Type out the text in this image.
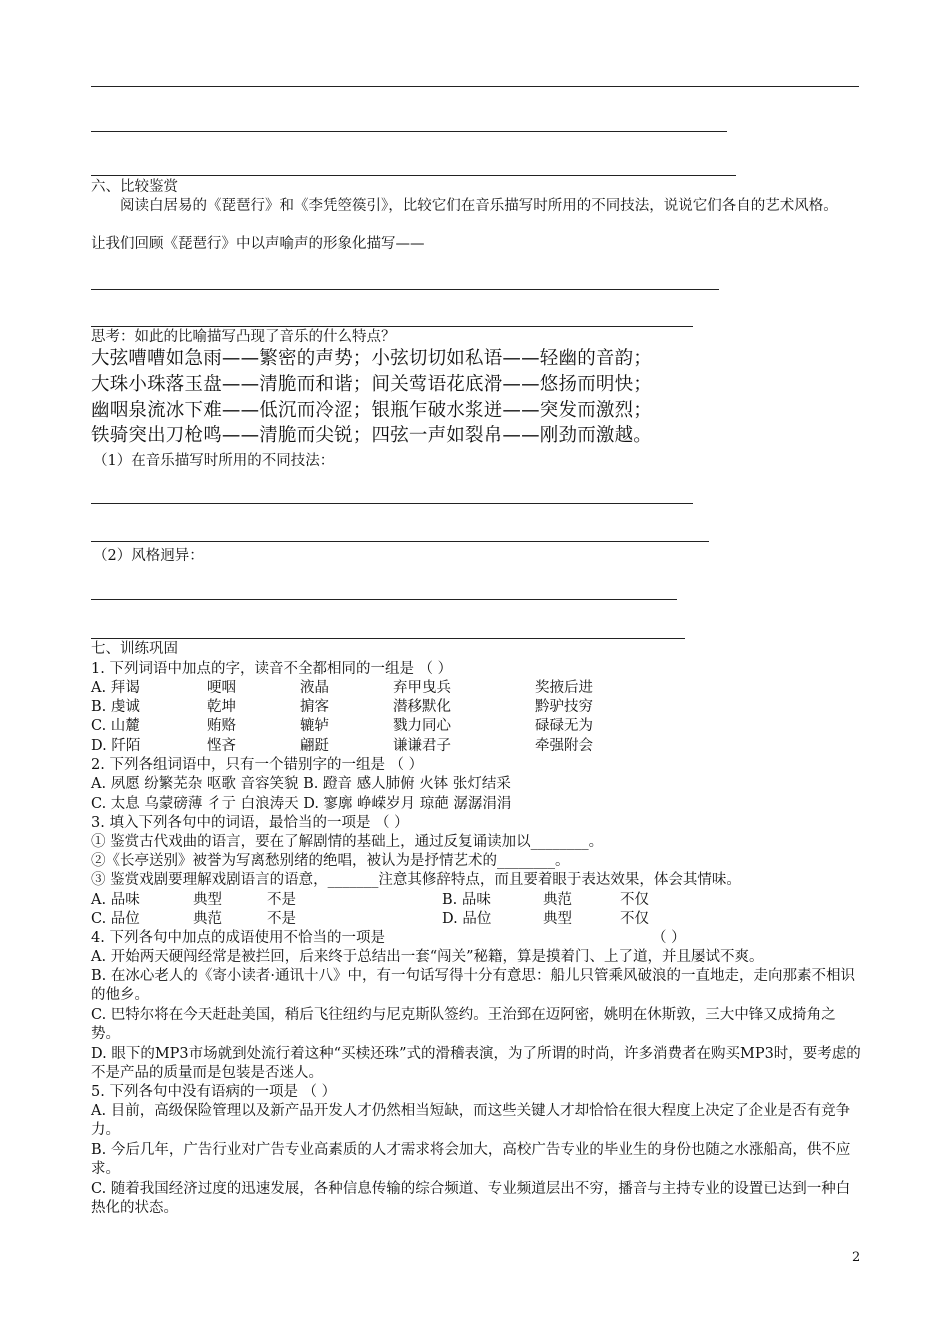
六、比较鉴赏
阅读白居易的《琵琶行》和《李凭箜篌引》，比较它们在音乐描写时所用的不同技法，说说它们各自的艺术风格。
让我们回顾《琵琶行》中以声喻声的形象化描写——
思考：如此的比喻描写凸现了音乐的什么特点？
大弦嘈嘈如急雨——繁密的声势；小弦切切如私语——轻幽的音韵；
大珠小珠落玉盘——清脆而和谐；间关莺语花底滑——悠扬而明快；
幽咽泉流冰下难——低沉而冷涩；银瓶乍破水浆迸——突发而激烈；
铁骑突出刀枪鸣——清脆而尖锐；四弦一声如裂帛——刚劲而激越。
（1）在音乐描写时所用的不同技法：
（2）风格迥异：
七、训练巩固
1. 下列词语中加点的字，读音不全都相同的一组是 （ ）
A. 拜谒	哽咽	液晶	弃甲曳兵	奖掖后进
B. 虔诚	乾坤	掮客	潜移默化	黔驴技穷
C. 山麓	贿赂	辘轳	戮力同心	碌碌无为
D. 阡陌	悭吝	翩跹	谦谦君子	牵强附会
2. 下列各组词语中，只有一个错别字的一组是 （ ）
A. 夙愿 纷繁芜杂 呕歌 音容笑貌 B. 蹬音 感人肺俯 火钵 张灯结采
C. 太息 乌蒙磅薄 彳亍 白浪涛天 D. 寥廓 峥嵘岁月 琼葩 潺潺涓涓
3. 填入下列各句中的词语，最恰当的一项是 （ ）
① 鉴赏古代戏曲的语言，要在了解剧情的基础上，通过反复诵读加以________。
②《长亭送别》被誉为写离愁别绪的绝唱，被认为是抒情艺术的________。
③ 鉴赏戏剧要理解戏剧语言的语意，_______注意其修辞特点，而且要着眼于表达效果，体会其情味。
A. 品味	典型	不是	B. 品味	典范	不仅
C. 品位	典范	不是	D. 品位	典型	不仅
4. 下列各句中加点的成语使用不恰当的一项是	（ ）
A. 开始两天硬闯经常是被拦回，后来终于总结出一套“闯关”秘籍，算是摸着门、上了道，并且屡试不爽。
B. 在冰心老人的《寄小读者·通讯十八》中，有一句话写得十分有意思：船儿只管乘风破浪的一直地走，走向那素不相识的他乡。
C. 巴特尔将在今天赶赴美国，稍后飞往纽约与尼克斯队签约。王治郅在迈阿密，姚明在休斯敦，三大中锋又成掎角之势。
D. 眼下的MP3市场就到处流行着这种“买椟还珠”式的滑稽表演，为了所谓的时尚，许多消费者在购买MP3时，要考虑的不是产品的质量而是包装是否迷人。
5. 下列各句中没有语病的一项是 （ ）
A. 目前，高级保险管理以及新产品开发人才仍然相当短缺，而这些关键人才却恰恰在很大程度上决定了企业是否有竞争力。
B. 今后几年，广告行业对广告专业高素质的人才需求将会加大，高校广告专业的毕业生的身份也随之水涨船高，供不应求。
C. 随着我国经济过度的迅速发展，各种信息传输的综合频道、专业频道层出不穷，播音与主持专业的设置已达到一种白热化的状态。
2
